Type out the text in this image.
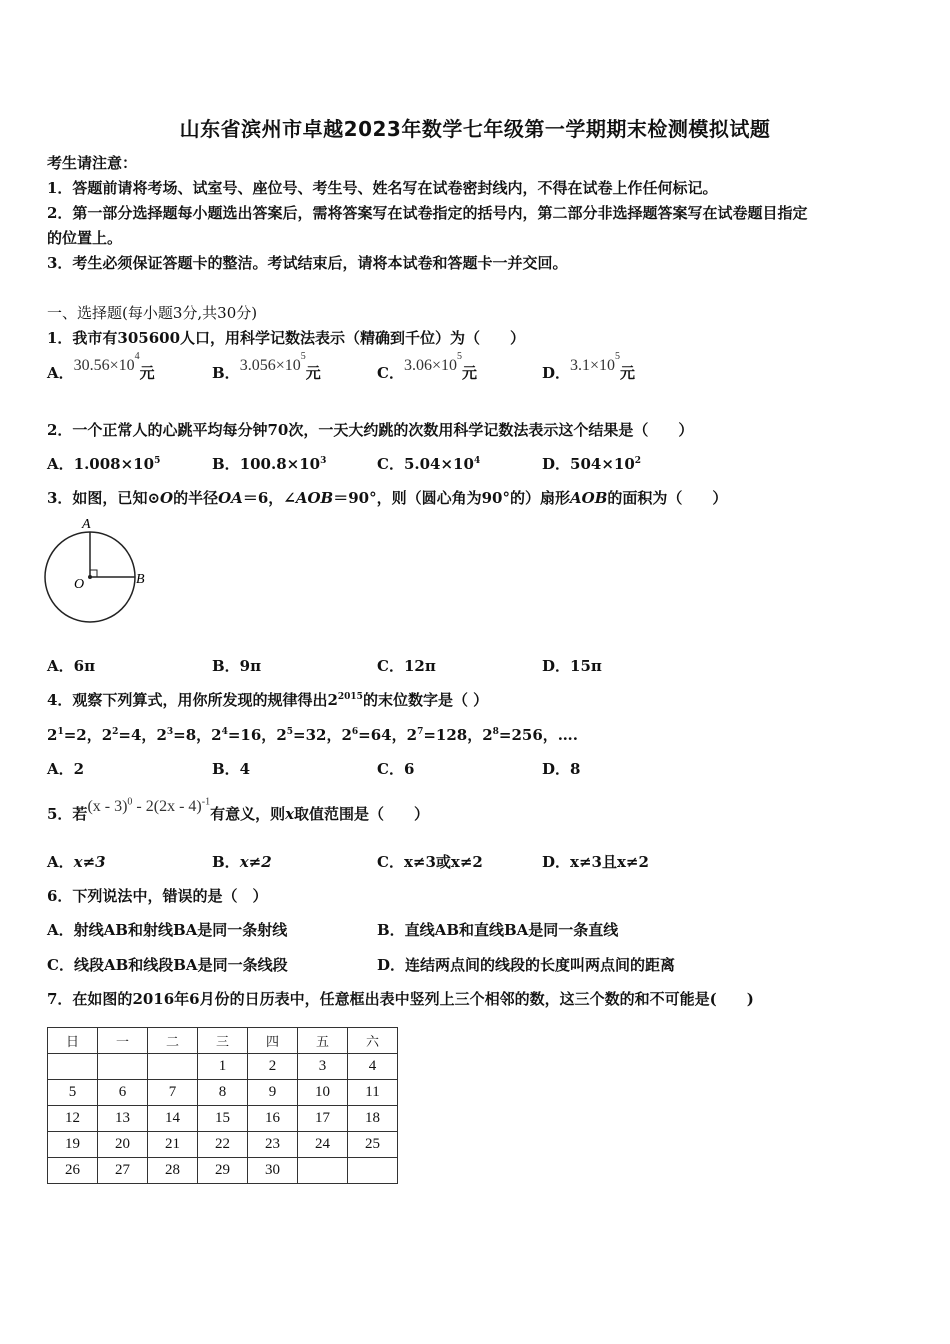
山东省滨州市卓越2023年数学七年级第一学期期末检测模拟试题
考生请注意：
1．答题前请将考场、试室号、座位号、考生号、姓名写在试卷密封线内，不得在试卷上作任何标记。
2．第一部分选择题每小题选出答案后，需将答案写在试卷指定的括号内，第二部分非选择题答案写在试卷题目指定
的位置上。
3．考生必须保证答题卡的整洁。考试结束后，请将本试卷和答题卡一并交回。
一、选择题(每小题3分,共30分)
1．我市有305600人口，用科学记数法表示（精确到千位）为（　　）
A．$30.56\times 10^4$元	B．$3.056\times 10^5$元	C．$3.06\times 10^5$元	D．$3.1\times 10^5$元
2．一个正常人的心跳平均每分钟70次，一天大约跳的次数用科学记数法表示这个结果是（　　）
A．$1.008\times 10^5$	B．$100.8\times 10^3$	C．$5.04\times 10^4$	D．$504\times 10^2$
3．如图，已知⊙O的半径OA＝6，∠AOB＝90°，则（圆心角为90°的）扇形AOB的面积为（　　）
A
O	B
A．6π	B．9π	C．12π	D．15π
4．观察下列算式，用你所发现的规律得出$2^{2015}$的末位数字是（ ）
$2^1=2$，$2^2=4$，$2^3=8$，$2^4=16$，$2^5=32$，$2^6=64$，$2^7=128$，$2^8=256$，….
A．2	B．4	C．6	D．8
5．若(x - 3)$^0$ - 2(2x - 4)$^{-1}$有意义，则x取值范围是（　　）
A．x≠3	B．x≠2	C．x≠3或x≠2	D．x≠3且x≠2
6．下列说法中，错误的是（　）
A．射线AB和射线BA是同一条射线	B．直线AB和直线BA是同一条直线
C．线段AB和线段BA是同一条线段	D．连结两点间的线段的长度叫两点间的距离
7．在如图的2016年6月份的日历表中，任意框出表中竖列上三个相邻的数，这三个数的和不可能是(　　)
日	一	二	三	四	五	六
			1	2	3	4
5	6	7	8	9	10	11
12	13	14	15	16	17	18
19	20	21	22	23	24	25
26	27	28	29	30		
